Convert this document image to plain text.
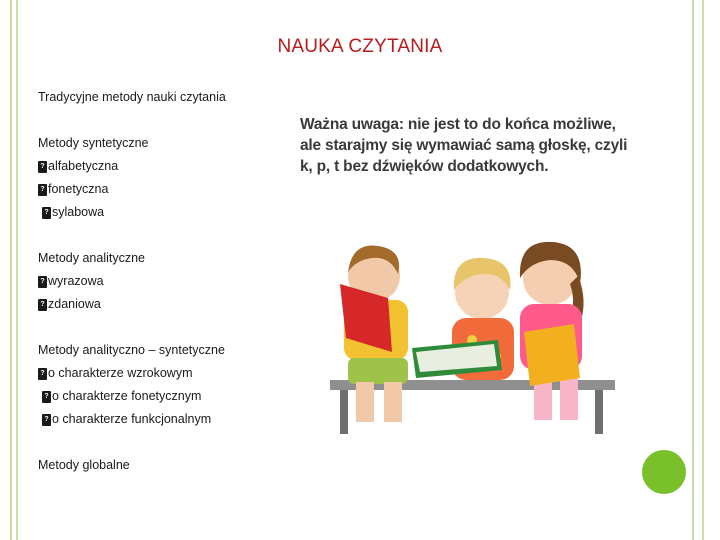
NAUKA CZYTANIA
Tradycyjne metody nauki czytania
Metody syntetyczne
? alfabetyczna
? fonetyczna
? sylabowa
Metody analityczne
? wyrazowa
? zdaniowa
Metody analityczno – syntetyczne
? o charakterze wzrokowym
? o charakterze fonetycznym
? o charakterze funkcjonalnym
Metody globalne
Ważna uwaga: nie jest to do końca możliwe,
ale starajmy się wymawiać samą głoskę, czyli
k, p, t bez dźwięków dodatkowych.
